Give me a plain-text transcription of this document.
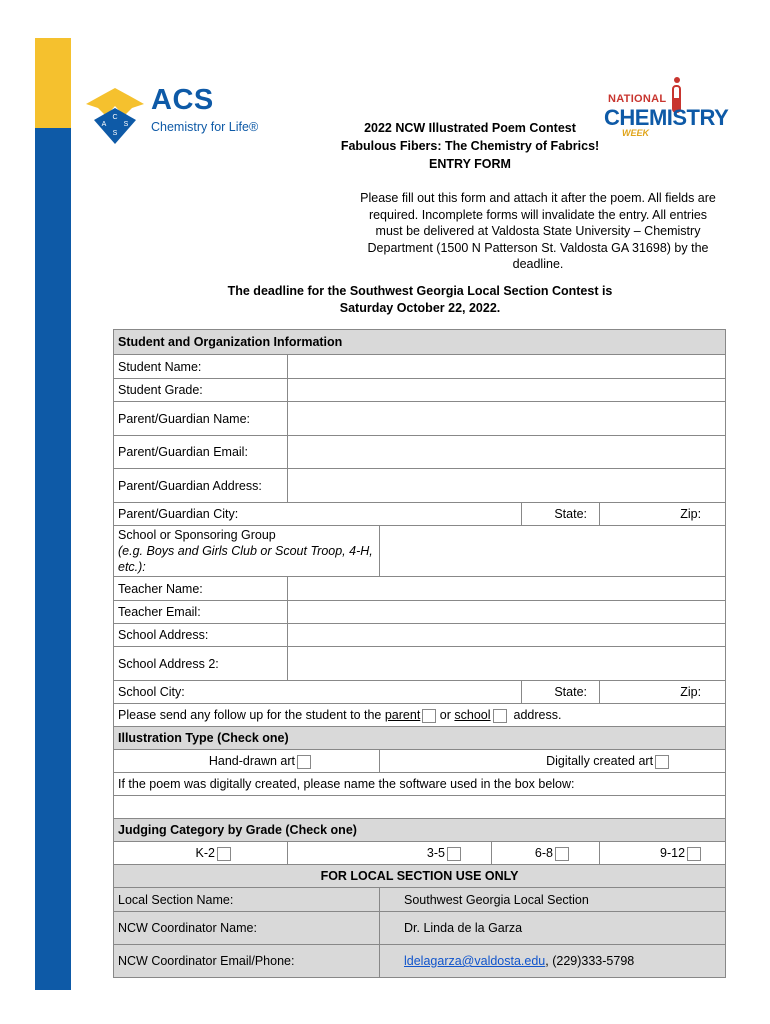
C
A S
S
ACS
Chemistry for Life®
NATIONAL
CHEMISTRY
WEEK
2022 NCW Illustrated Poem Contest
Fabulous Fibers: The Chemistry of Fabrics!
ENTRY FORM
Please fill out this form and attach it after the poem. All fields are required. Incomplete forms will invalidate the entry. All entries must be delivered at Valdosta State University – Chemistry Department (1500 N Patterson St. Valdosta GA 31698) by the deadline.
The deadline for the Southwest Georgia Local Section Contest is
Saturday October 22, 2022.
Student and Organization Information					
Student Name:					
Student Grade:					
Parent/Guardian Name:					
Parent/Guardian Email:					
Parent/Guardian Address:					
Parent/Guardian City:				State:	Zip:

School or Sponsoring Group
(e.g. Boys and Girls Club or Scout Troop, 4-H, etc.):					

Teacher Name:					
Teacher Email:					
School Address:					
School Address 2:					
School City:				State:	Zip:
Please send any follow up for the student to the parent or school address.					
Illustration Type (Check one)					
Hand-drawn art		Digitally created art			
If the poem was digitally created, please name the software used in the box below:					

Judging Category by Grade (Check one)					
K-2	3-5		6-8		9-12
FOR LOCAL SECTION USE ONLY					
Local Section Name:		Southwest Georgia Local Section			
NCW Coordinator Name:		Dr. Linda de la Garza			
NCW Coordinator Email/Phone:		ldelagarza@valdosta.edu, (229)333-5798			
